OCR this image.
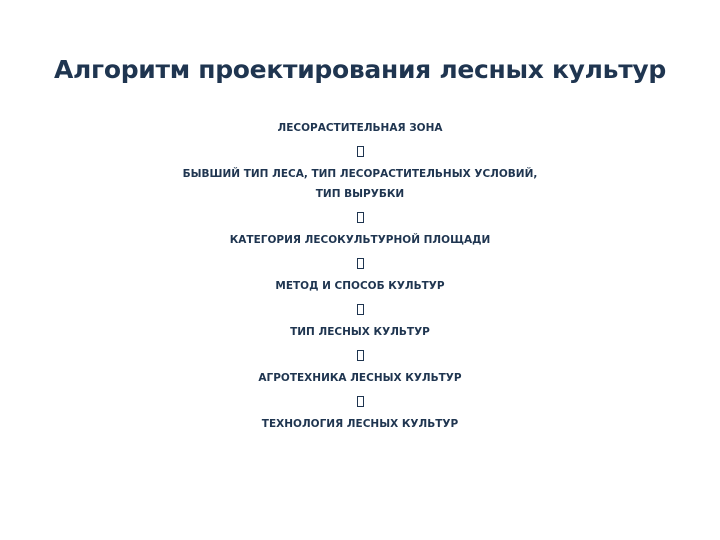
Алгоритм проектирования лесных культур
ЛЕСОРАСТИТЕЛЬНАЯ ЗОНА
БЫВШИЙ ТИП ЛЕСА, ТИП ЛЕСОРАСТИТЕЛЬНЫХ УСЛОВИЙ,
ТИП ВЫРУБКИ
КАТЕГОРИЯ ЛЕСОКУЛЬТУРНОЙ ПЛОЩАДИ
МЕТОД И СПОСОБ КУЛЬТУР
ТИП ЛЕСНЫХ КУЛЬТУР
АГРОТЕХНИКА ЛЕСНЫХ КУЛЬТУР
ТЕХНОЛОГИЯ ЛЕСНЫХ КУЛЬТУР
